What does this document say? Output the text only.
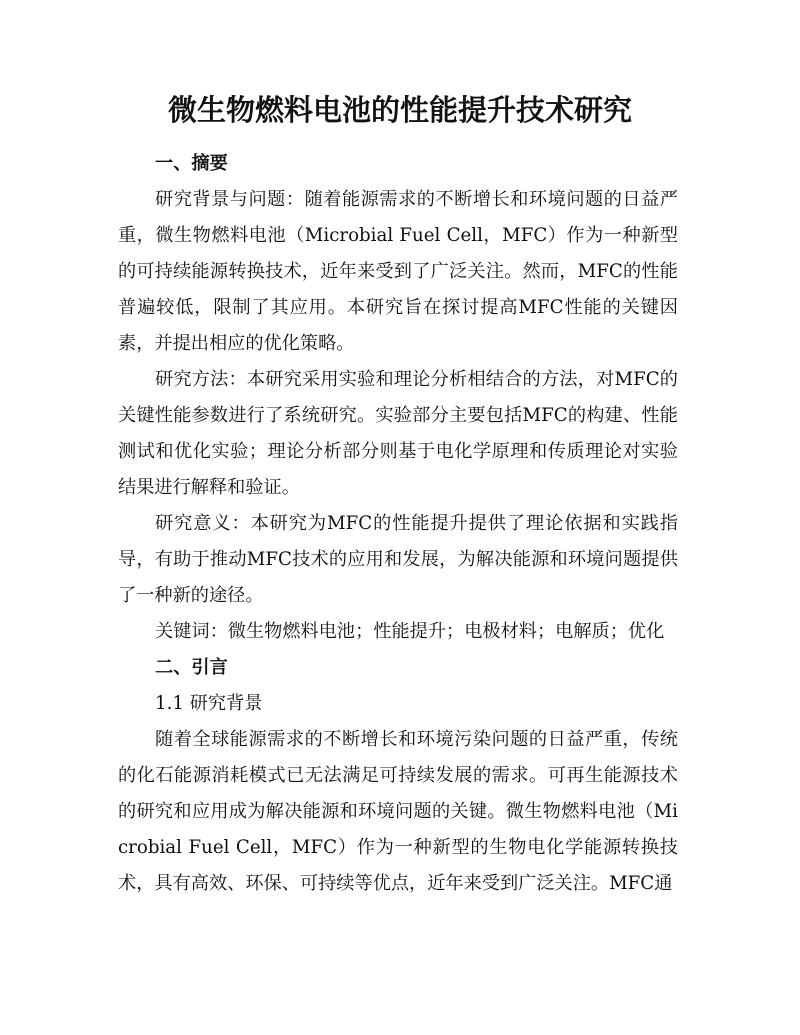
微生物燃料电池的性能提升技术研究

一、摘要

研究背景与问题：随着能源需求的不断增长和环境问题的日益严重，微生物燃料电池（Microbial Fuel Cell，MFC）作为一种新型的可持续能源转换技术，近年来受到了广泛关注。然而，MFC的性能普遍较低，限制了其应用。本研究旨在探讨提高MFC性能的关键因素，并提出相应的优化策略。

研究方法：本研究采用实验和理论分析相结合的方法，对MFC的关键性能参数进行了系统研究。实验部分主要包括MFC的构建、性能测试和优化实验；理论分析部分则基于电化学原理和传质理论对实验结果进行解释和验证。

研究意义：本研究为MFC的性能提升提供了理论依据和实践指导，有助于推动MFC技术的应用和发展，为解决能源和环境问题提供了一种新的途径。

关键词：微生物燃料电池；性能提升；电极材料；电解质；优化

二、引言

1.1 研究背景

随着全球能源需求的不断增长和环境污染问题的日益严重，传统的化石能源消耗模式已无法满足可持续发展的需求。可再生能源技术的研究和应用成为解决能源和环境问题的关键。微生物燃料电池（Microbial Fuel Cell，MFC）作为一种新型的生物电化学能源转换技术，具有高效、环保、可持续等优点，近年来受到广泛关注。MFC通
